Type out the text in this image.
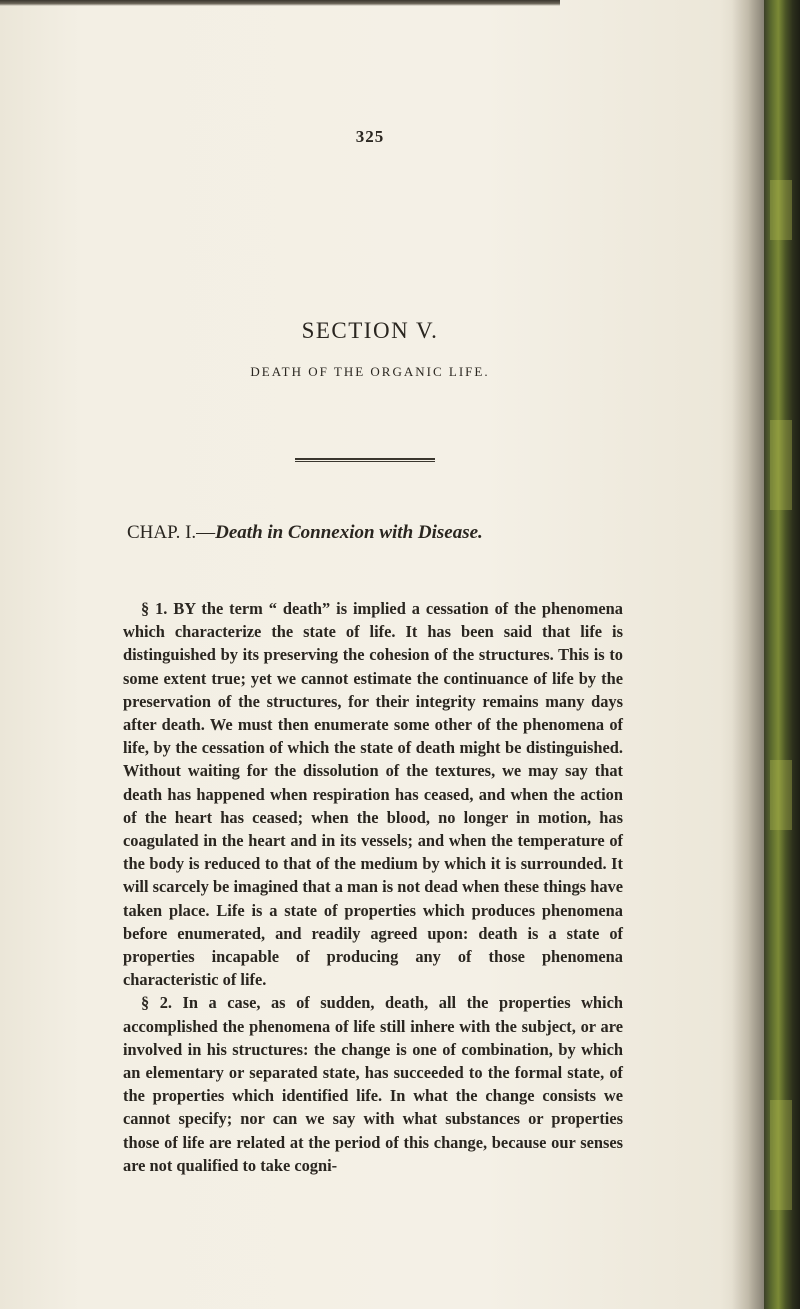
325
SECTION V.
DEATH OF THE ORGANIC LIFE.
CHAP. I.—Death in Connexion with Disease.

§ 1. BY the term “ death” is implied a cessation of the phenomena which characterize the state of life. It has been said that life is distinguished by its preserving the cohesion of the structures. This is to some extent true; yet we cannot estimate the continuance of life by the preservation of the structures, for their integrity remains many days after death. We must then enumerate some other of the phenomena of life, by the cessation of which the state of death might be distinguished. Without waiting for the dissolution of the textures, we may say that death has happened when respiration has ceased, and when the action of the heart has ceased; when the blood, no longer in motion, has coagulated in the heart and in its vessels; and when the temperature of the body is reduced to that of the medium by which it is surrounded. It will scarcely be imagined that a man is not dead when these things have taken place. Life is a state of properties which produces phenomena before enumerated, and readily agreed upon: death is a state of properties incapable of producing any of those phenomena characteristic of life.

§ 2. In a case, as of sudden, death, all the properties which accomplished the phenomena of life still inhere with the subject, or are involved in his structures: the change is one of combination, by which an elementary or separated state, has succeeded to the formal state, of the properties which identified life. In what the change consists we cannot specify; nor can we say with what substances or properties those of life are related at the period of this change, because our senses are not qualified to take cogni-
